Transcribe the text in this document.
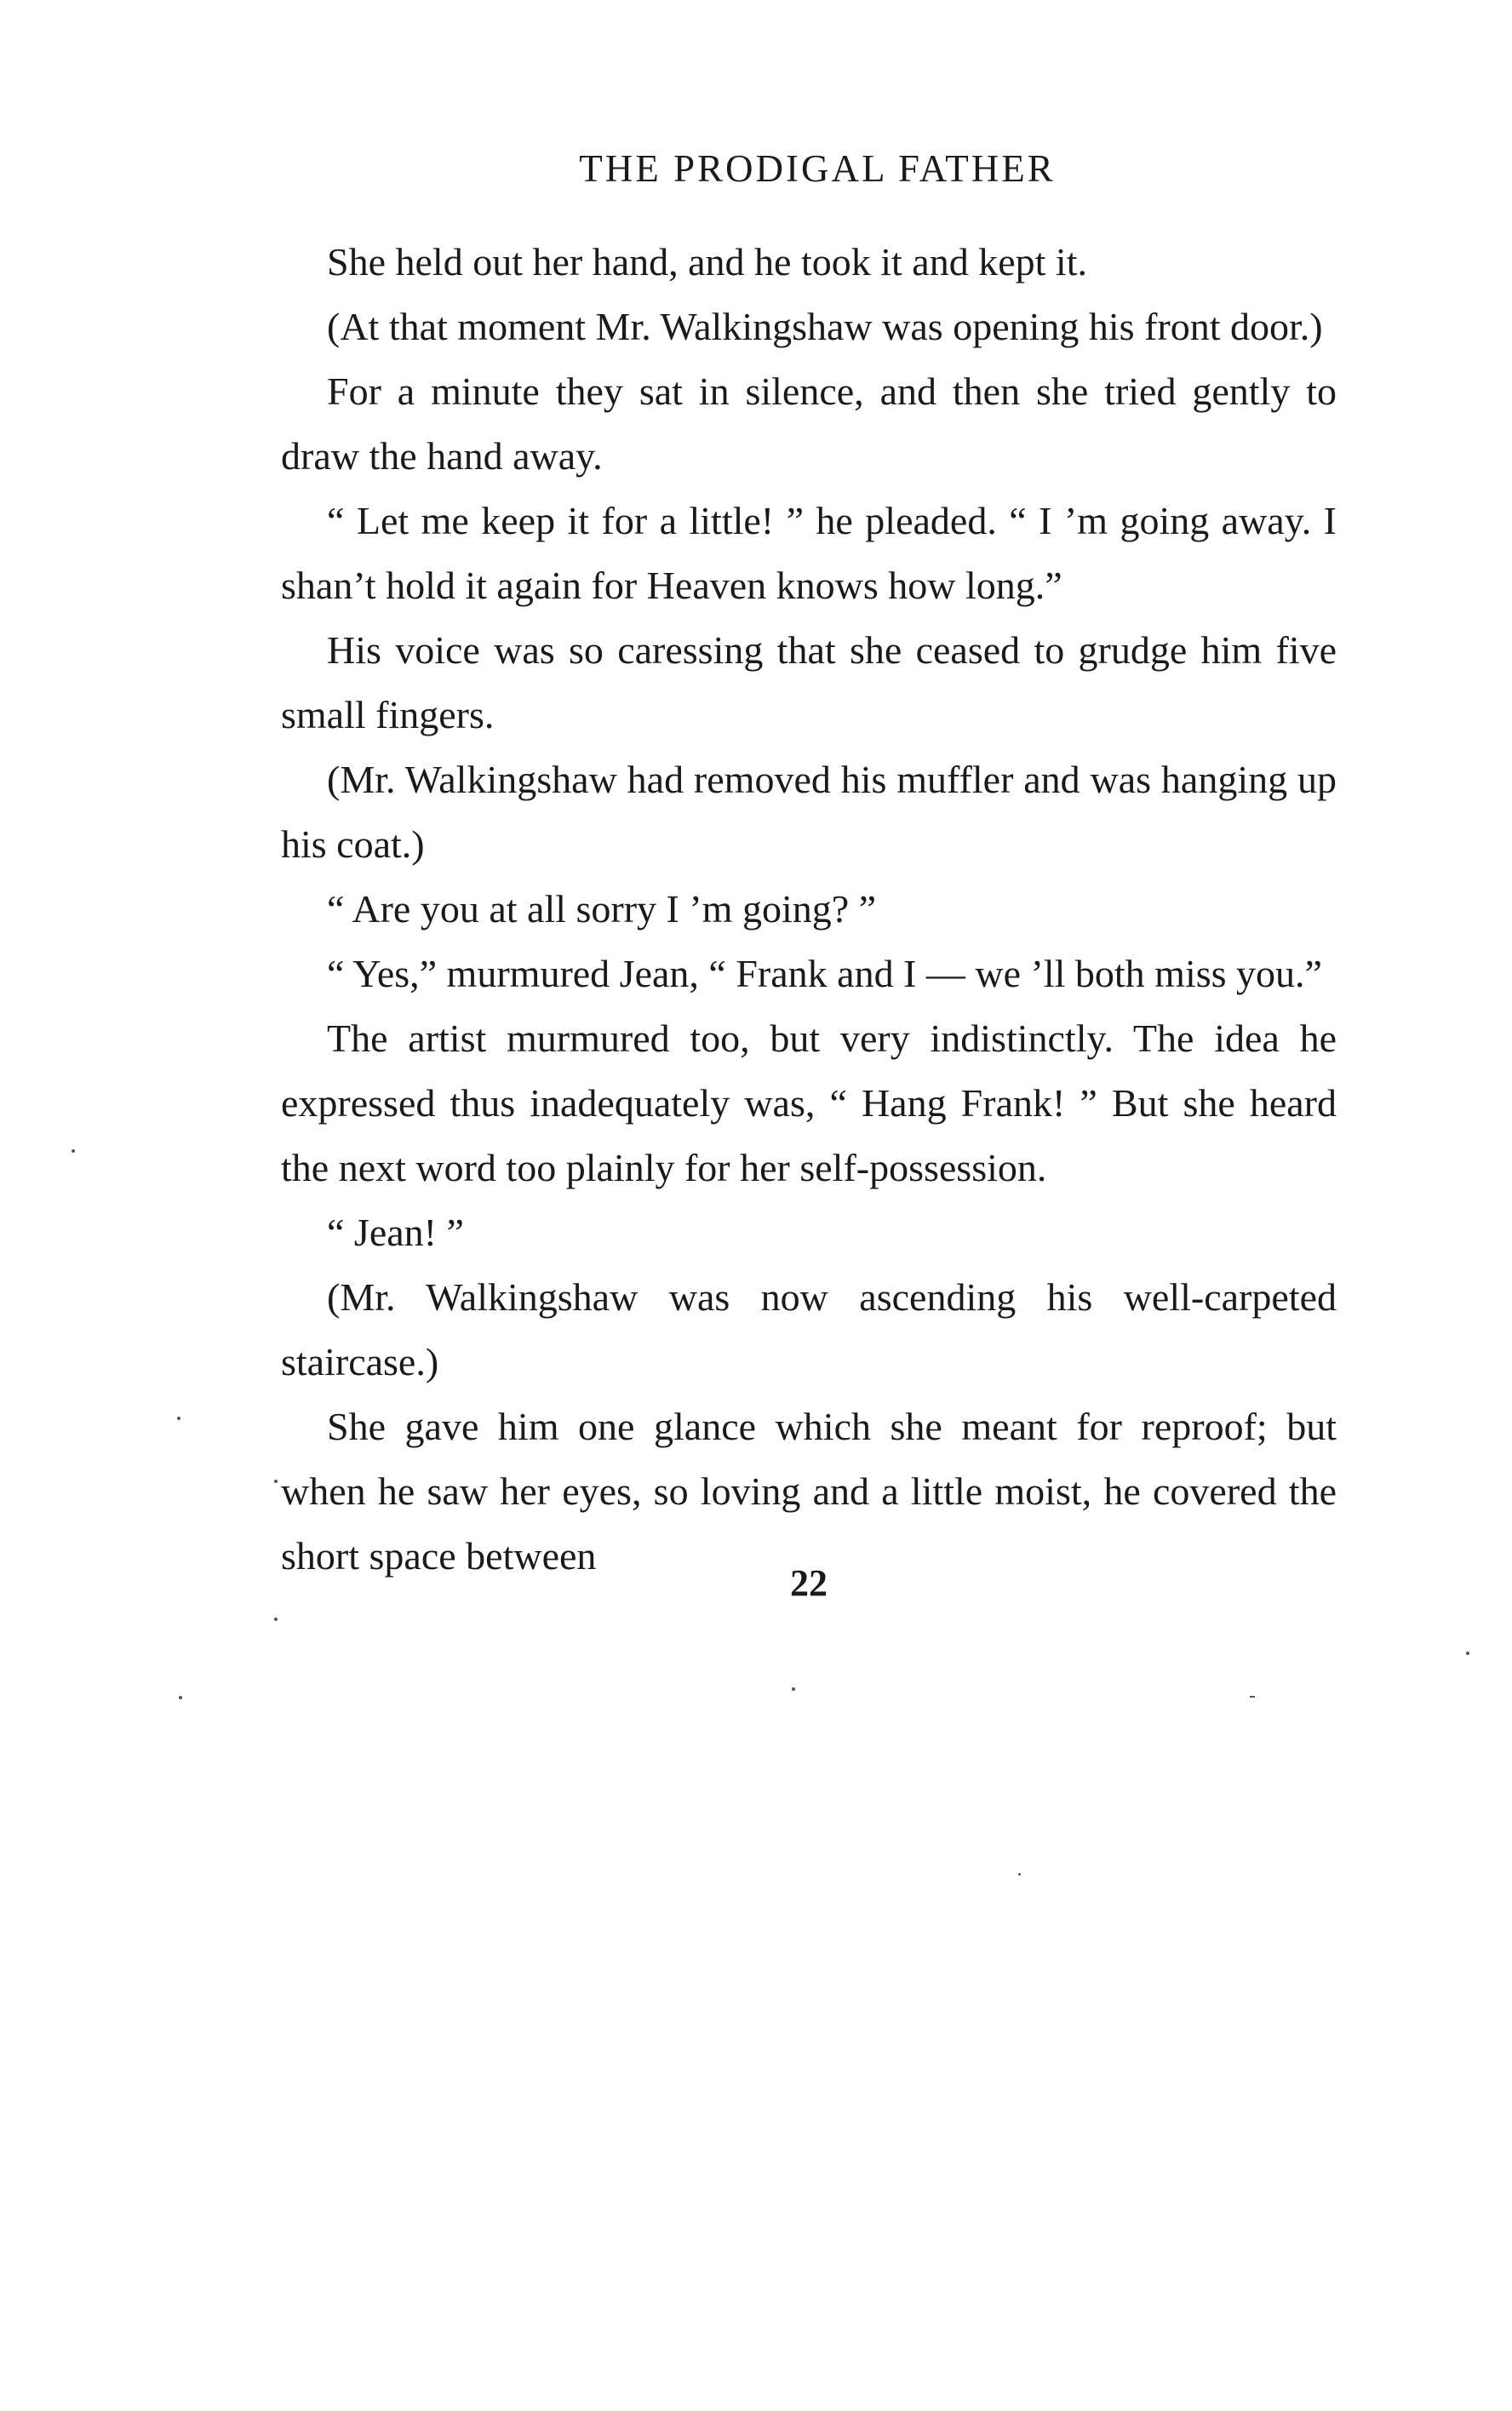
THE PRODIGAL FATHER

She held out her hand, and he took it and kept it.

(At that moment Mr. Walkingshaw was opening his front door.)

For a minute they sat in silence, and then she tried gently to draw the hand away.

“ Let me keep it for a little! ” he pleaded. “ I ’m going away. I shan’t hold it again for Heaven knows how long.”

His voice was so caressing that she ceased to grudge him five small fingers.

(Mr. Walkingshaw had removed his muffler and was hanging up his coat.)

“ Are you at all sorry I ’m going? ”

“ Yes,” murmured Jean, “ Frank and I — we ’ll both miss you.”

The artist murmured too, but very indistinctly. The idea he expressed thus inadequately was, “ Hang Frank! ” But she heard the next word too plainly for her self-possession.

“ Jean! ”

(Mr. Walkingshaw was now ascending his well-carpeted staircase.)

She gave him one glance which she meant for reproof; but when he saw her eyes, so loving and a little moist, he covered the short space between

22
